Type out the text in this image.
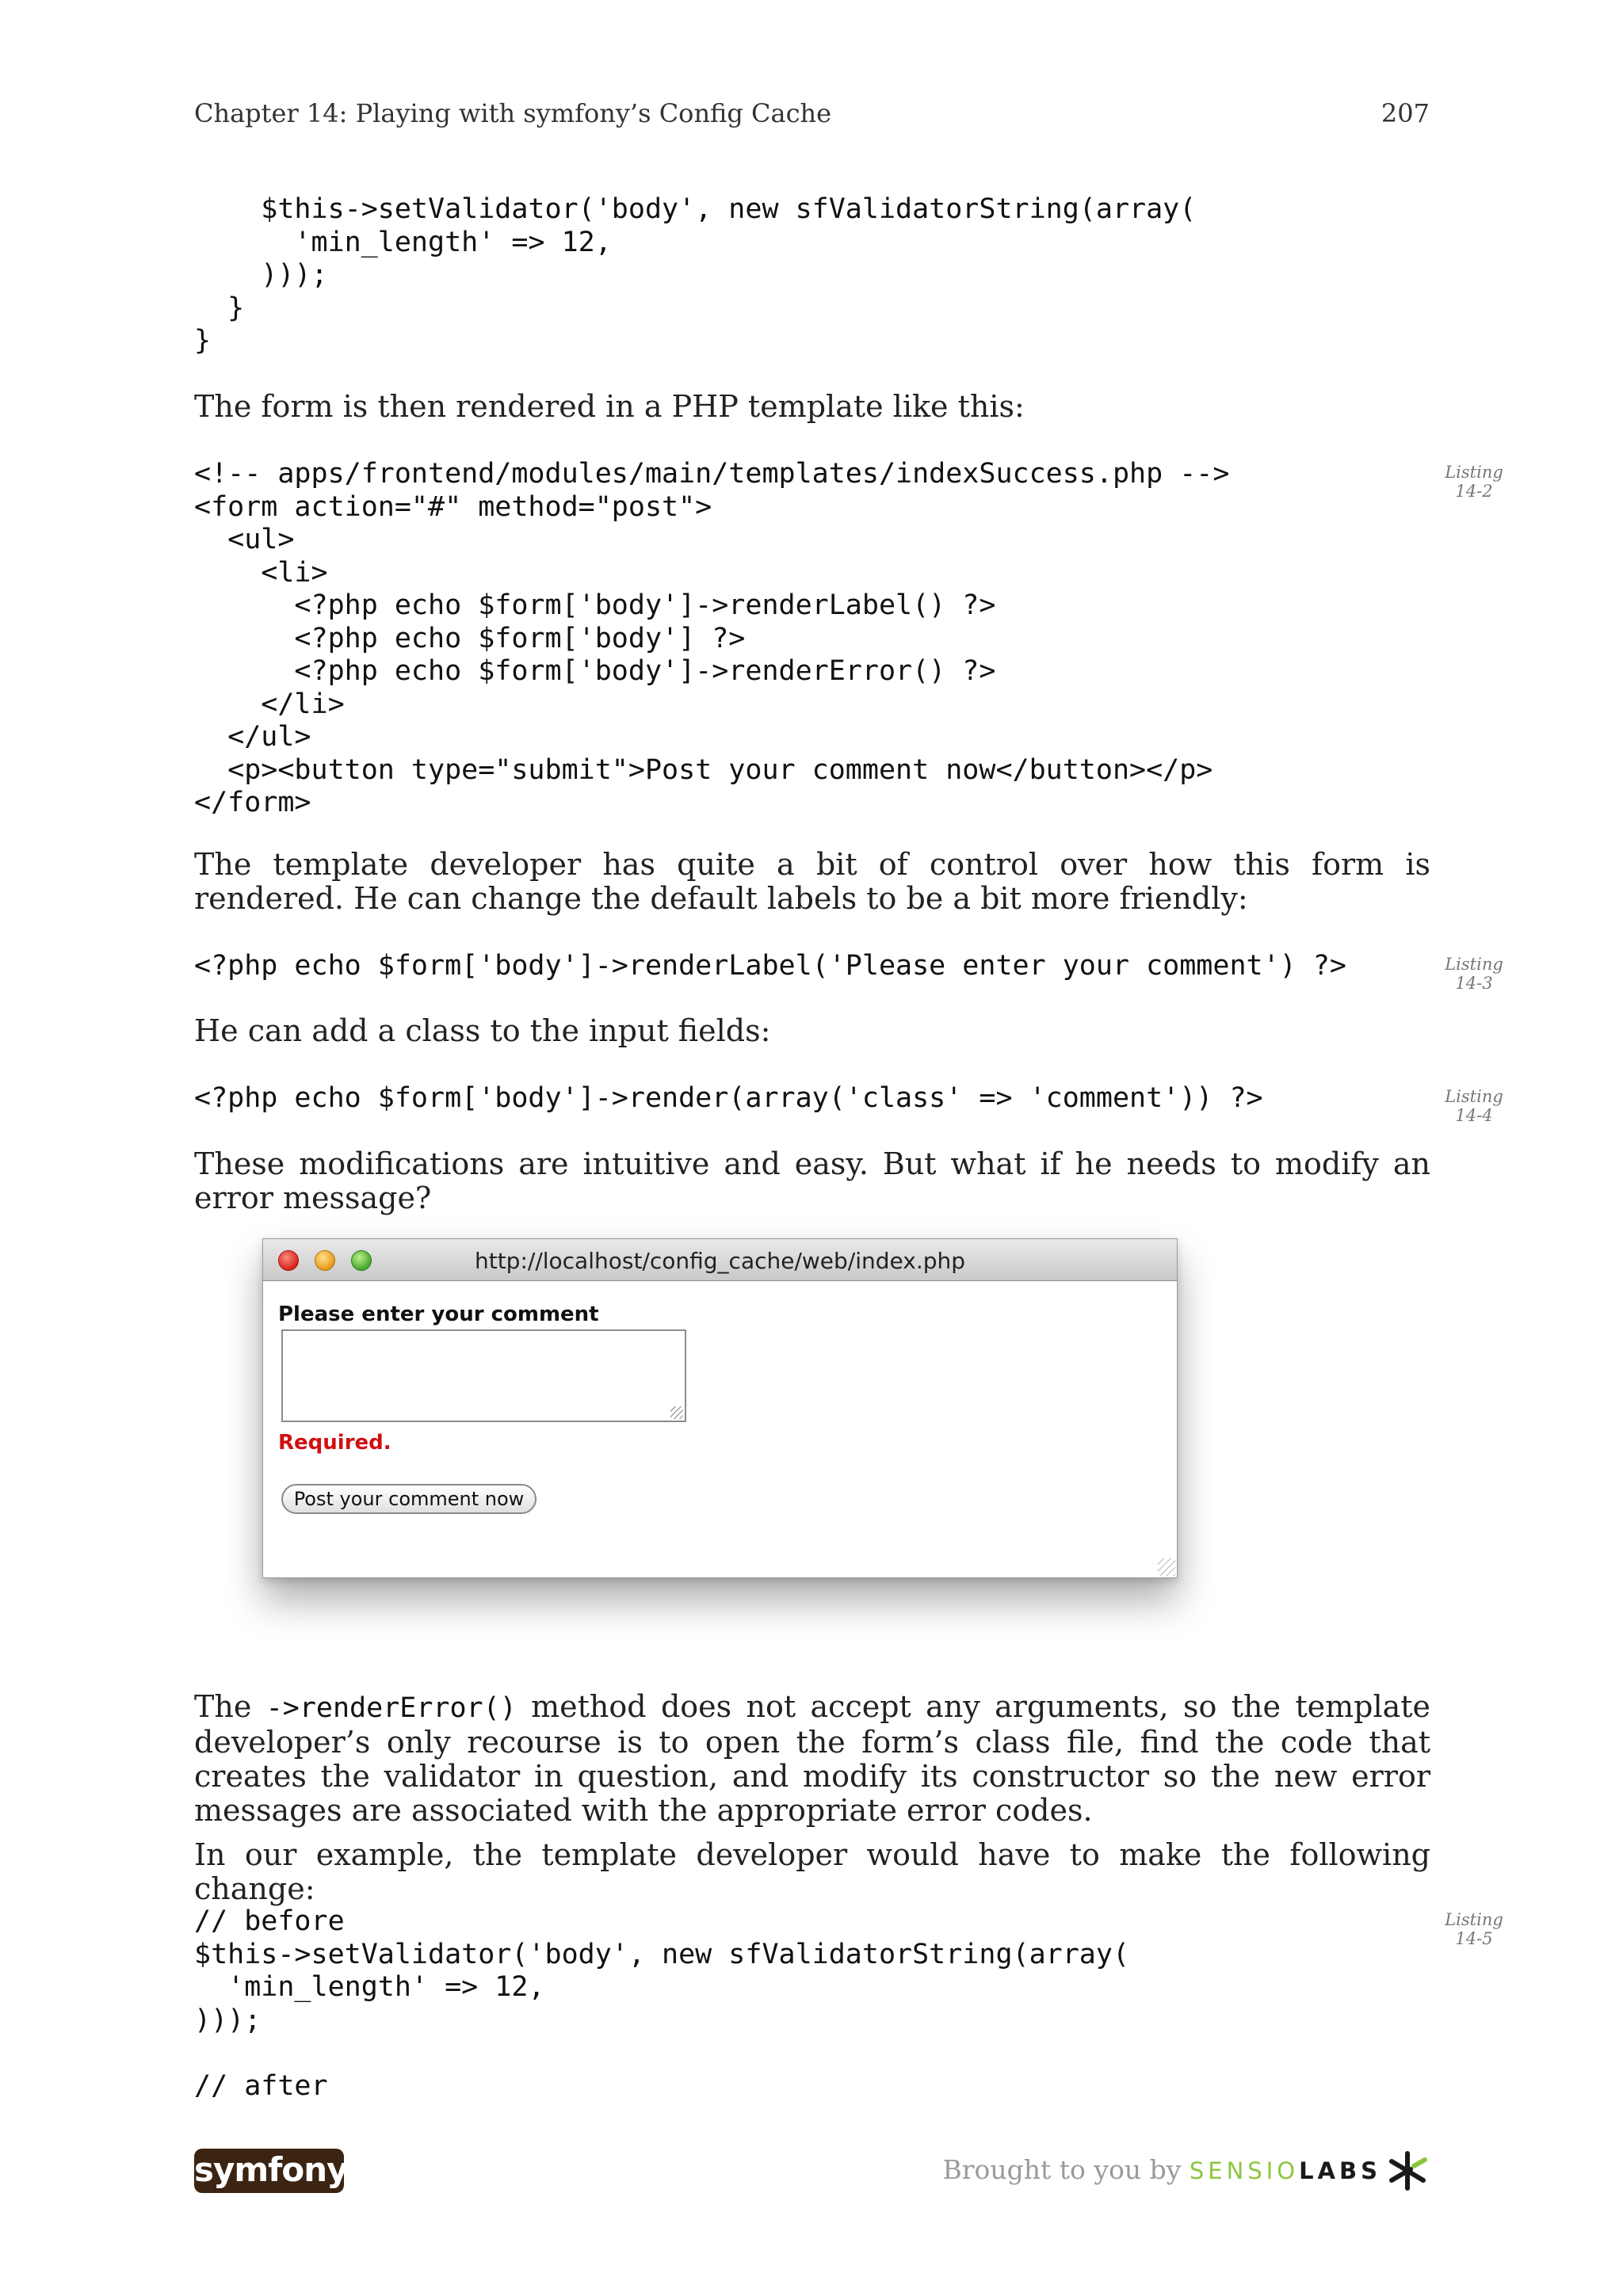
Chapter 14: Playing with symfony’s Config Cache	207
$this->setValidator('body', new sfValidatorString(array(
'min_length' => 12,
)));
}
}

The form is then rendered in a PHP template like this:

<!-- apps/frontend/modules/main/templates/indexSuccess.php -->
<form action="#" method="post">
<ul>
<li>
<?php echo $form['body']->renderLabel() ?>
<?php echo $form['body'] ?>
<?php echo $form['body']->renderError() ?>
</li>
</ul>
<p><button type="submit">Post your comment now</button></p>
</form>
Listing
14-2

The template developer has quite a bit of control over how this form is rendered. He can change the default labels to be a bit more friendly:

<?php echo $form['body']->renderLabel('Please enter your comment') ?>	Listing
14-3

He can add a class to the input fields:

<?php echo $form['body']->render(array('class' => 'comment')) ?>	Listing
14-4

These modifications are intuitive and easy. But what if he needs to modify an error message?

http://localhost/config_cache/web/index.php
Please enter your comment
Required.
Post your comment now

The ->renderError() method does not accept any arguments, so the template developer’s only recourse is to open the form’s class file, find the code that creates the validator in question, and modify its constructor so the new error messages are associated with the appropriate error codes.

In our example, the template developer would have to make the following change:

// before
$this->setValidator('body', new sfValidatorString(array(
'min_length' => 12,
)));

// after
Listing
14-5
symfony	Brought to you by SENSIOLABS
